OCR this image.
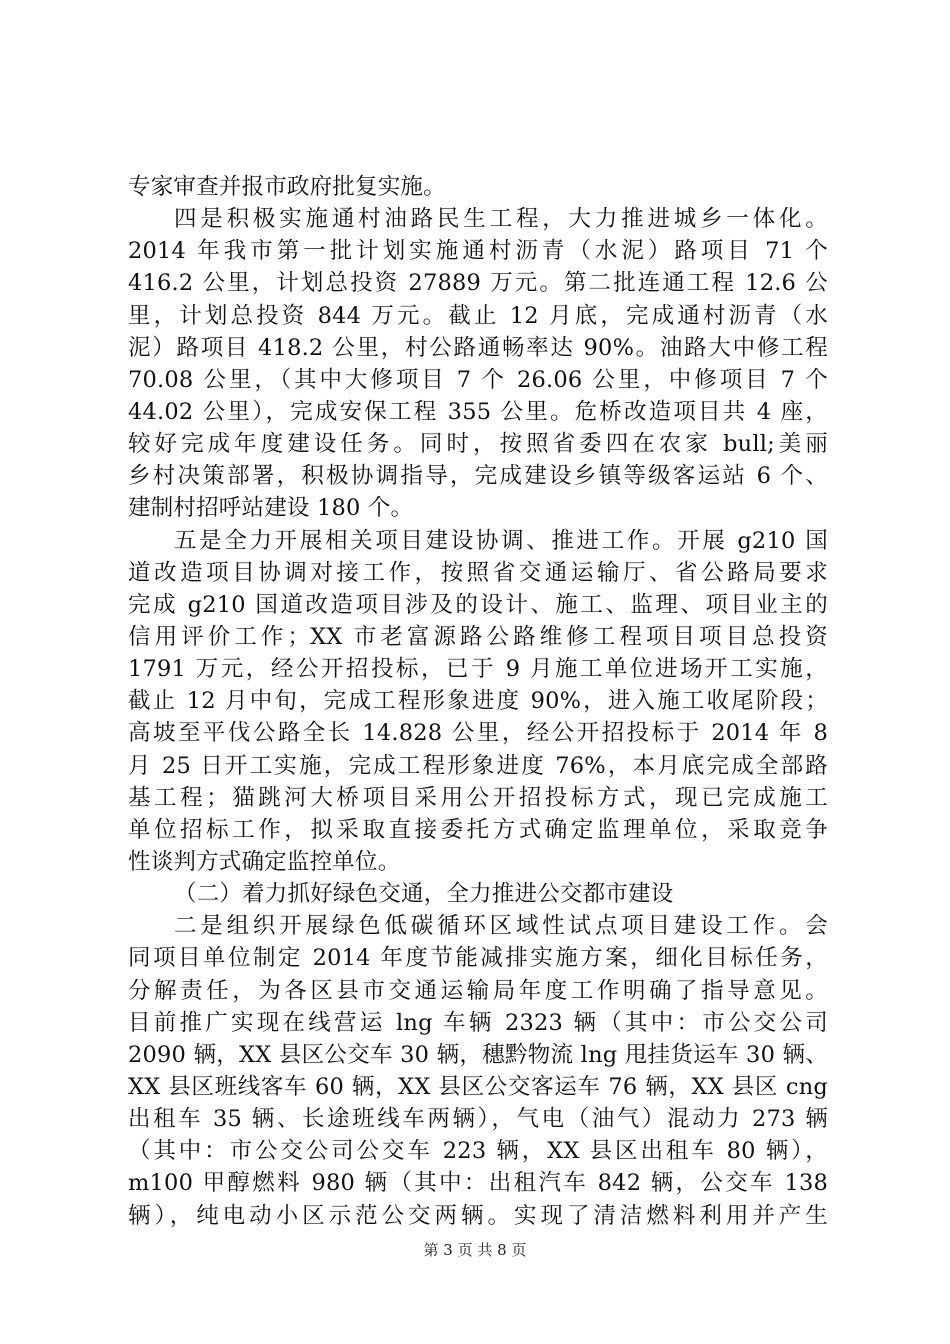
专家审查并报市政府批复实施。
四是积极实施通村油路民生工程，大力推进城乡一体化。
2014 年我市第一批计划实施通村沥青（水泥）路项目 71 个
416.2 公里，计划总投资 27889 万元。第二批连通工程 12.6 公
里，计划总投资 844 万元。截止 12 月底，完成通村沥青（水
泥）路项目 418.2 公里，村公路通畅率达 90%。油路大中修工程
70.08 公里，（其中大修项目 7 个 26.06 公里，中修项目 7 个
44.02 公里），完成安保工程 355 公里。危桥改造项目共 4 座，
较好完成年度建设任务。同时，按照省委四在农家 bull;美丽
乡村决策部署，积极协调指导，完成建设乡镇等级客运站 6 个、
建制村招呼站建设 180 个。
五是全力开展相关项目建设协调、推进工作。开展 g210 国
道改造项目协调对接工作，按照省交通运输厅、省公路局要求
完成 g210 国道改造项目涉及的设计、施工、监理、项目业主的
信用评价工作；XX 市老富源路公路维修工程项目项目总投资
1791 万元，经公开招投标，已于 9 月施工单位进场开工实施，
截止 12 月中旬，完成工程形象进度 90%，进入施工收尾阶段；
高坡至平伐公路全长 14.828 公里，经公开招投标于 2014 年 8
月 25 日开工实施，完成工程形象进度 76%，本月底完成全部路
基工程；猫跳河大桥项目采用公开招投标方式，现已完成施工
单位招标工作，拟采取直接委托方式确定监理单位，采取竞争
性谈判方式确定监控单位。
（二）着力抓好绿色交通，全力推进公交都市建设
二是组织开展绿色低碳循环区域性试点项目建设工作。会
同项目单位制定 2014 年度节能减排实施方案，细化目标任务，
分解责任，为各区县市交通运输局年度工作明确了指导意见。
目前推广实现在线营运 lng 车辆 2323 辆（其中：市公交公司
2090 辆，XX 县区公交车 30 辆，穗黔物流 lng 甩挂货运车 30 辆、
XX 县区班线客车 60 辆，XX 县区公交客运车 76 辆，XX 县区 cng
出租车 35 辆、长途班线车两辆），气电（油气）混动力 273 辆
（其中：市公交公司公交车 223 辆，XX 县区出租车 80 辆），
m100 甲醇燃料 980 辆（其中：出租汽车 842 辆，公交车 138
辆），纯电动小区示范公交两辆。实现了清洁燃料利用并产生
第 3 页 共 8 页
